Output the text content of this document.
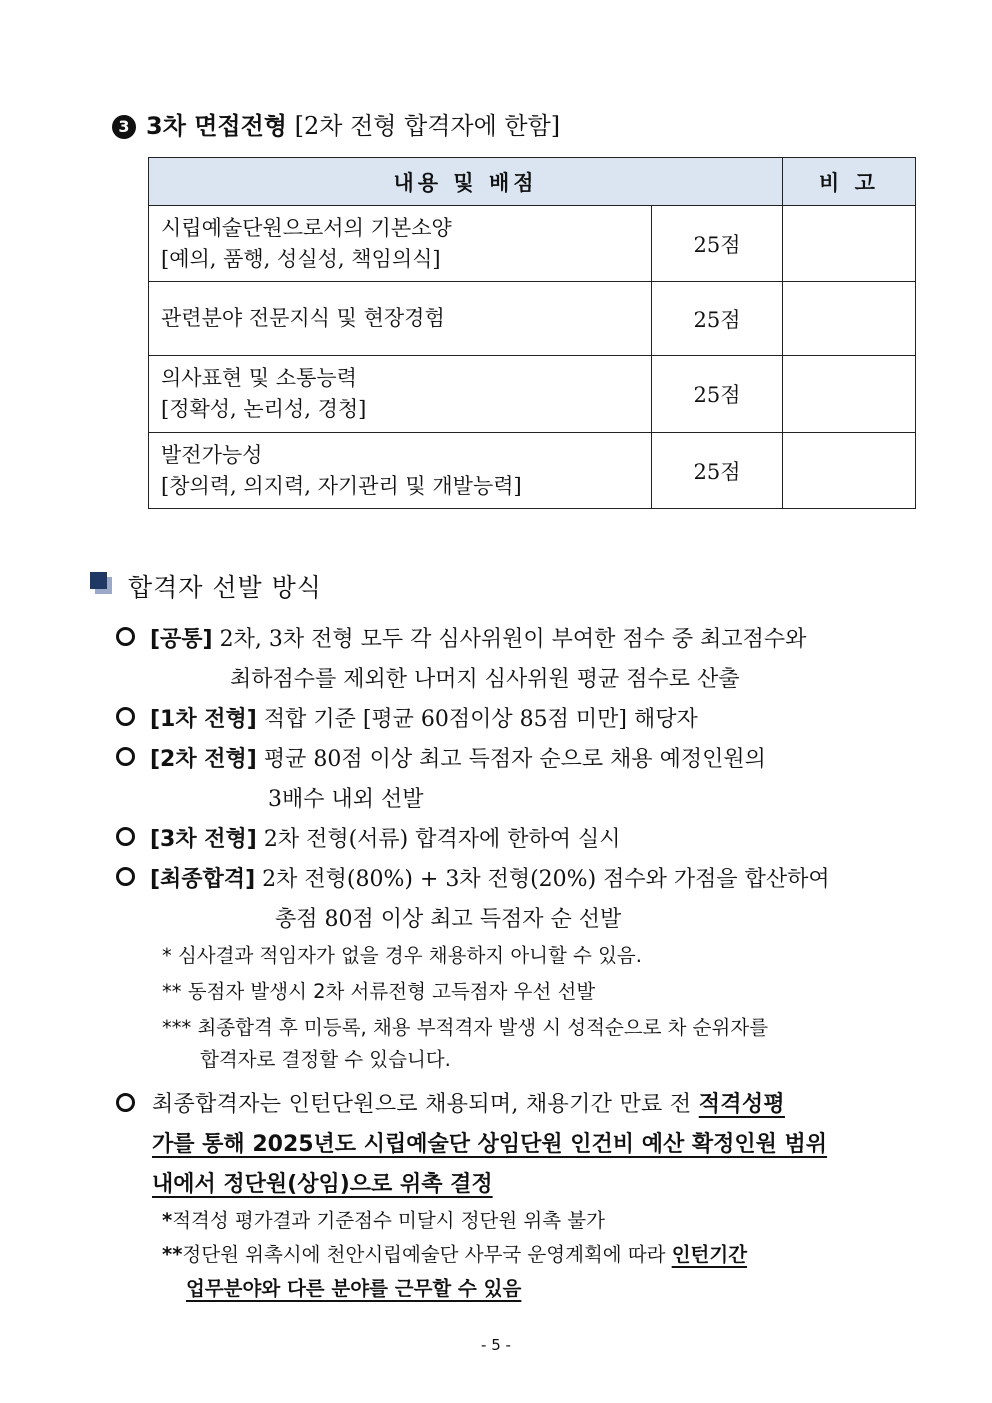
3 3차 면접전형 [2차 전형 합격자에 한함]
내용 및 배점		비 고
시립예술단원으로서의 기본소양
[예의, 품행, 성실성, 책임의식]	25점	
관련분야 전문지식 및 현장경험	25점	
의사표현 및 소통능력
[정확성, 논리성, 경청]	25점	
발전가능성
[창의력, 의지력, 자기관리 및 개발능력]	25점	
합격자 선발 방식
[공통] 2차, 3차 전형 모두 각 심사위원이 부여한 점수 중 최고점수와
최하점수를 제외한 나머지 심사위원 평균 점수로 산출
[1차 전형] 적합 기준 [평균 60점이상 85점 미만] 해당자
[2차 전형] 평균 80점 이상 최고 득점자 순으로 채용 예정인원의
3배수 내외 선발
[3차 전형] 2차 전형(서류) 합격자에 한하여 실시
[최종합격] 2차 전형(80%) + 3차 전형(20%) 점수와 가점을 합산하여
총점 80점 이상 최고 득점자 순 선발
* 심사결과 적임자가 없을 경우 채용하지 아니할 수 있음.
** 동점자 발생시 2차 서류전형 고득점자 우선 선발
*** 최종합격 후 미등록, 채용 부적격자 발생 시 성적순으로 차 순위자를
합격자로 결정할 수 있습니다.
최종합격자는 인턴단원으로 채용되며, 채용기간 만료 전 적격성평
가를 통해 2025년도 시립예술단 상임단원 인건비 예산 확정인원 범위
내에서 정단원(상임)으로 위촉 결정
*적격성 평가결과 기준점수 미달시 정단원 위촉 불가
**정단원 위촉시에 천안시립예술단 사무국 운영계획에 따라 인턴기간
업무분야와 다른 분야를 근무할 수 있음
- 5 -
